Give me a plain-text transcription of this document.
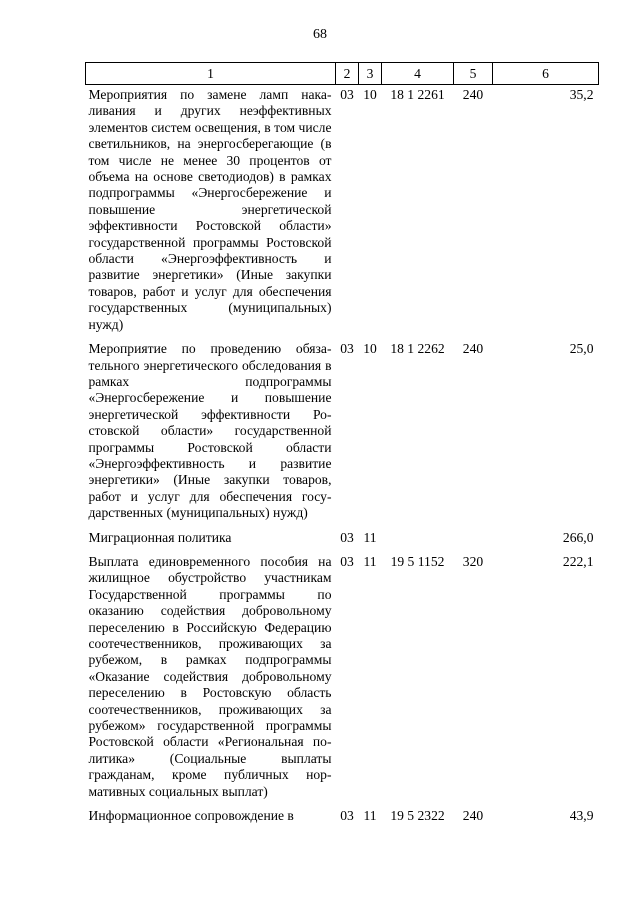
68
1	2	3	4	5	6
Мероприятия по замене ламп накаливания и других неэффективных элементов систем освещения, в том числе светильников, на энергосберегающие (в том числе не менее 30 процентов от объема на основе светодиодов) в рамках подпрограммы «Энергосбережение и повышение энергетической эффективности Ростовской области» государственной программы Ростовской области «Энергоэффективность и развитие энергетики» (Иные закупки товаров, работ и услуг для обеспечения государственных (муниципальных) нужд)	03	10	18 1 2261	240	35,2
Мероприятие по проведению обязательного энергетического обследования в рамках подпрограммы «Энергосбережение и повышение энергетической эффективности Ростовской области» государственной программы Ростовской области «Энергоэффективность и развитие энергетики» (Иные закупки товаров, работ и услуг для обеспечения государственных (муниципальных) нужд)	03	10	18 1 2262	240	25,0
Миграционная политика	03	11			266,0
Выплата единовременного пособия на жилищное обустройство участникам Государственной программы по оказанию содействия добровольному переселению в Российскую Федерацию соотечественников, проживающих за рубежом, в рамках подпрограммы «Оказание содействия добровольному переселению в Ростовскую область соотечественников, проживающих за рубежом» государственной программы Ростовской области «Региональная политика» (Социальные выплаты гражданам, кроме публичных нормативных социальных выплат)	03	11	19 5 1152	320	222,1
Информационное сопровождение в	03	11	19 5 2322	240	43,9
